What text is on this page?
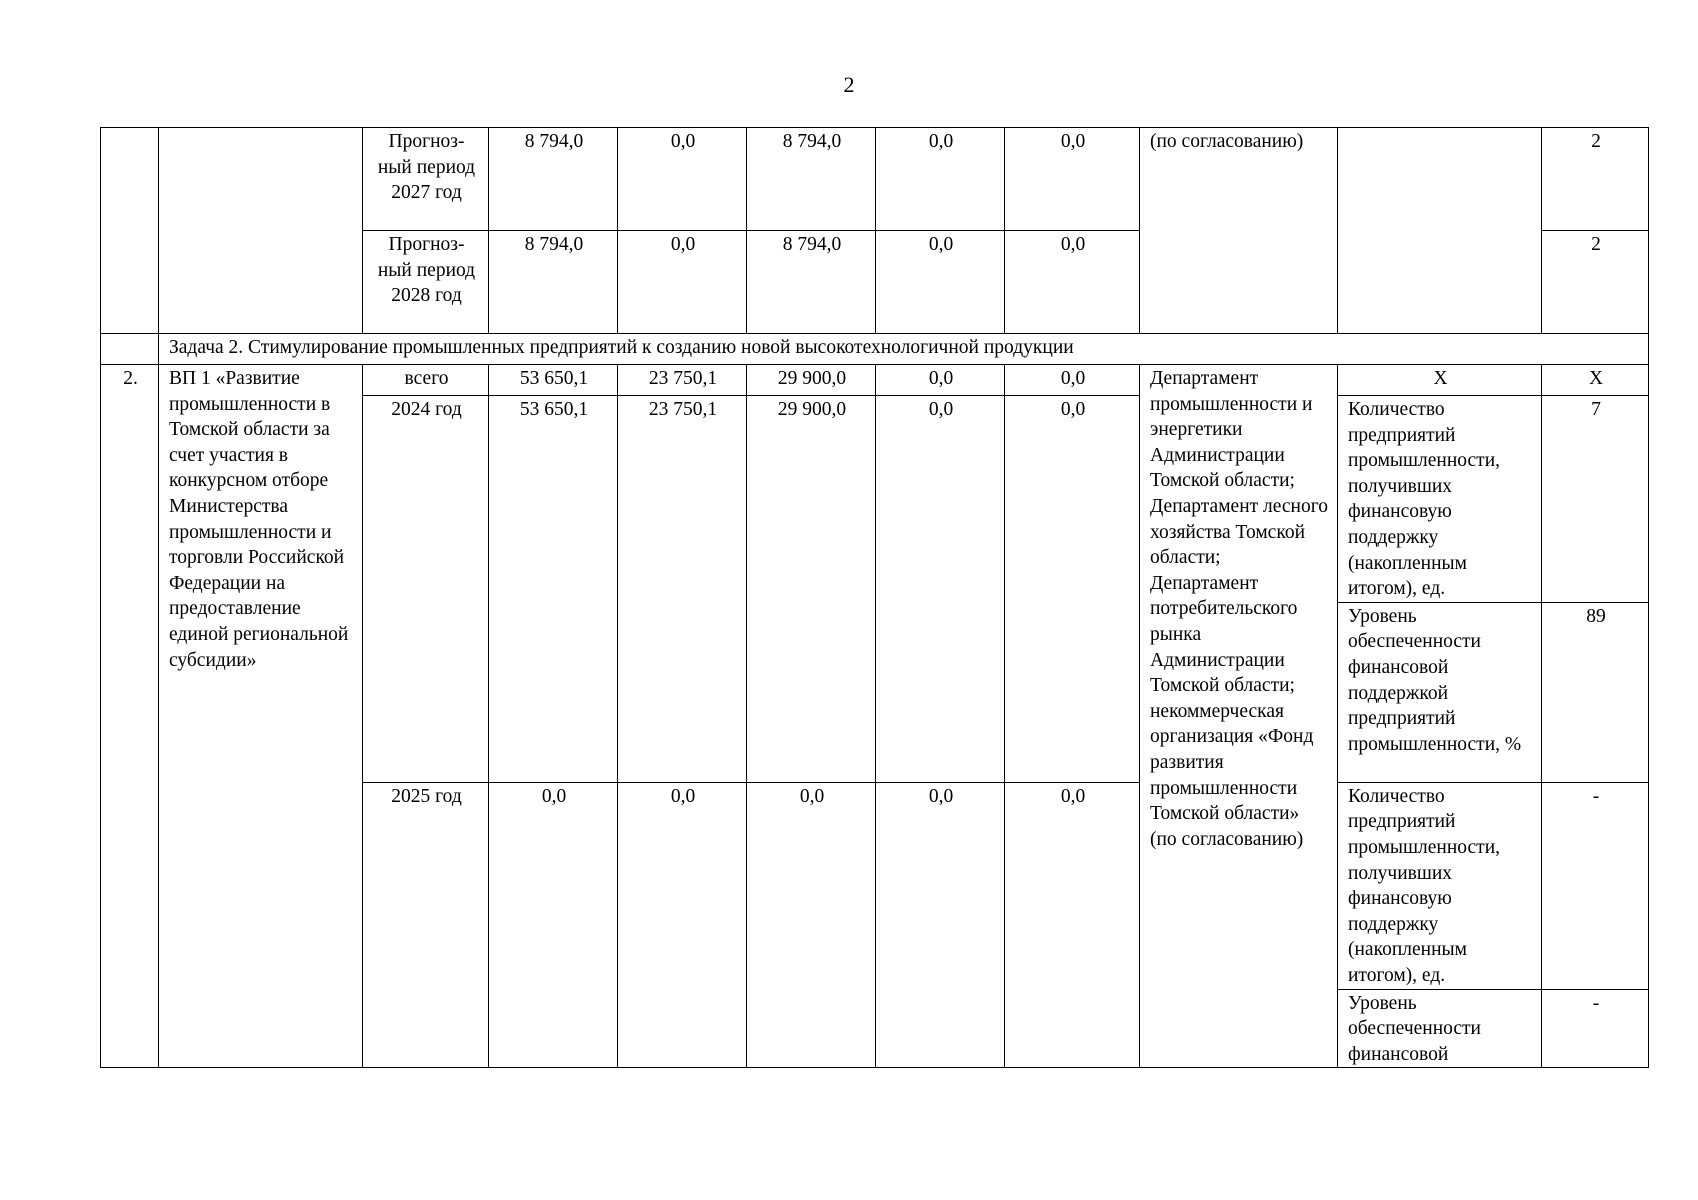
2
		Прогноз-ный период 2027 год	8 794,0	0,0	8 794,0	0,0	0,0	(по согласованию)		2
		Прогноз-ный период 2028 год	8 794,0	0,0	8 794,0	0,0	0,0			2
	Задача 2. Стимулирование промышленных предприятий к созданию новой высокотехнологичной продукции									
2.	ВП 1 «Развитие промышленности в Томской области за счет участия в конкурсном отборе Министерства промышленности и торговли Российской Федерации на предоставление единой региональной субсидии»	всего	53 650,1	23 750,1	29 900,0	0,0	0,0	Департамент промышленности и энергетики Администрации Томской области; Департамент лесного хозяйства Томской области; Департамент потребительского рынка Администрации Томской области; некоммерческая организация «Фонд развития промышленности Томской области» (по согласованию)	Х	Х
		2024 год	53 650,1	23 750,1	29 900,0	0,0	0,0		Количество предприятий промышленности, получивших финансовую поддержку (накопленным итогом), ед.	7
									Уровень обеспеченности финансовой поддержкой предприятий промышленности, %	89
		2025 год	0,0	0,0	0,0	0,0	0,0		Количество предприятий промышленности, получивших финансовую поддержку (накопленным итогом), ед.	-
									Уровень обеспеченности финансовой	-
